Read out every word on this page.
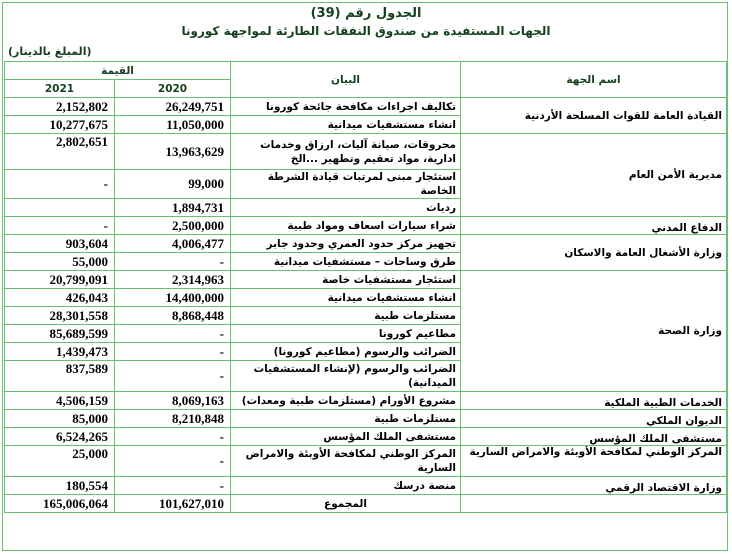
الجدول رقم (39)
الجهات المستفيدة من صندوق النفقات الطارئة لمواجهة كورونا
(المبلغ بالدينار)
القيمة		البيان	اسم الجهة
2021	2020		
2,152,802	26,249,751	تكاليف اجراءات مكافحة جائحة كورونا	القيادة العامة للقوات المسلحة الأردنية
10,277,675	11,050,000	انشاء مستشفيات ميدانية	
2,802,651	13,963,629	محروقات، صيانة آليات، ارزاق وخدمات ادارية، مواد تعقيم وتطهير ...الخ	مديرية الأمن العام
-	99,000	استئجار مبنى لمرتبات قيادة الشرطة الخاصة	
	1,894,731	رديات	
-	2,500,000	شراء سيارات اسعاف ومواد طبية	الدفاع المدني
903,604	4,006,477	تجهيز مركز حدود العمري وحدود جابر	وزارة الأشغال العامة والاسكان
55,000	-	طرق وساحات – مستشفيات ميدانية	
20,799,091	2,314,963	استئجار مستشفيات خاصة	وزارة الصحة
426,043	14,400,000	انشاء مستشفيات ميدانية	
28,301,558	8,868,448	مستلزمات طبية	
85,689,599	-	مطاعيم كورونا	
1,439,473	-	الضرائب والرسوم (مطاعيم كورونا)	
837,589	-	الضرائب والرسوم (لإنشاء المستشفيات الميدانية)	
4,506,159	8,069,163	مشروع الأورام (مستلزمات طبية ومعدات)	الخدمات الطبية الملكية
85,000	8,210,848	مستلزمات طبية	الديوان الملكي
6,524,265	-	مستشفى الملك المؤسس	مستشفى الملك المؤسس
25,000	-	المركز الوطني لمكافحة الأوبئة والامراض السارية	المركز الوطني لمكافحة الأوبئة والامراض السارية
180,554	-	منصة درسك	وزارة الاقتصاد الرقمي
165,006,064	101,627,010	المجموع	
